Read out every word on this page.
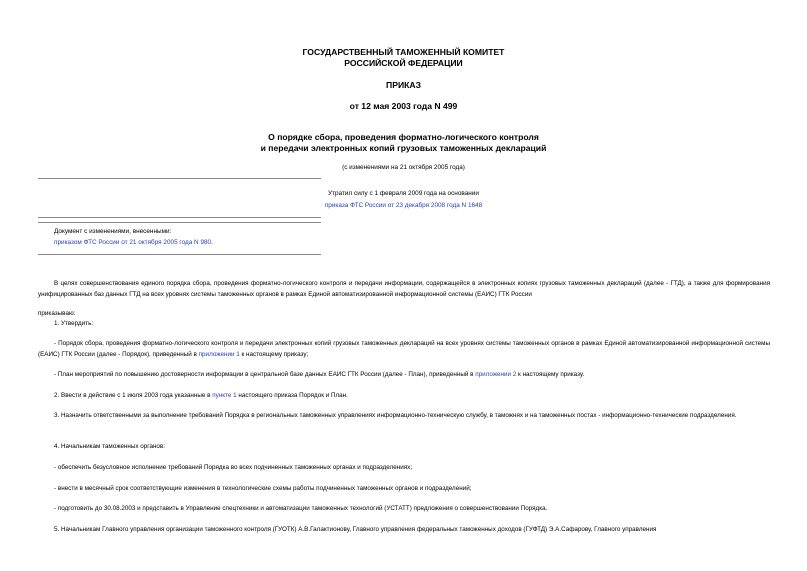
ГОСУДАРСТВЕННЫЙ ТАМОЖЕННЫЙ КОМИТЕТ
РОССИЙСКОЙ ФЕДЕРАЦИИ
ПРИКАЗ
от 12 мая 2003 года N 499
О порядке сбора, проведения форматно-логического контроля
и передачи электронных копий грузовых таможенных деклараций
(с изменениями на 21 октября 2005 года)
Утратил силу с 1 февраля 2009 года на основании
приказа ФТС России от 23 декабря 2008 года N 1648
Документ с изменениями, внесенными:
приказом ФТС России от 21 октября 2005 года N 980.
В целях совершенствования единого порядка сбора, проведения форматно-логического контроля и передачи информации, содержащейся в электронных копиях грузовых таможенных деклараций (далее - ГТД), а также для формирования унифицированных баз данных ГТД на всех уровнях системы таможенных органов в рамках Единой автоматизированной информационной системы (ЕАИС) ГТК России
приказываю:
1. Утвердить:
- Порядок сбора, проведения форматно-логического контроля и передачи электронных копий грузовых таможенных деклараций на всех уровнях системы таможенных органов в рамках Единой автоматизированной информационной системы (ЕАИС) ГТК России (далее - Порядок), приведенный в приложении 1 к настоящему приказу;
- План мероприятий по повышению достоверности информации в центральной базе данных ЕАИС ГТК России (далее - План), приведенный в приложении 2 к настоящему приказу.
2. Ввести в действие с 1 июля 2003 года указанные в пункте 1 настоящего приказа Порядок и План.
3. Назначить ответственными за выполнение требований Порядка в региональных таможенных управлениях информационно-техническую службу, в таможнях и на таможенных постах - информационно-технические подразделения.
4. Начальникам таможенных органов:
- обеспечить безусловное исполнение требований Порядка во всех подчиненных таможенных органах и подразделениях;
- внести в месячный срок соответствующие изменения в технологические схемы работы подчиненных таможенных органов и подразделений;
- подготовить до 30.08.2003 и представить в Управление спецтехники и автоматизации таможенных технологий (УСТАТТ) предложения о совершенствовании Порядка.
5. Начальникам Главного управления организации таможенного контроля (ГУОТК) А.В.Галактионову, Главного управления федеральных таможенных доходов (ГУФТД) Э.А.Сафарову, Главного управления
